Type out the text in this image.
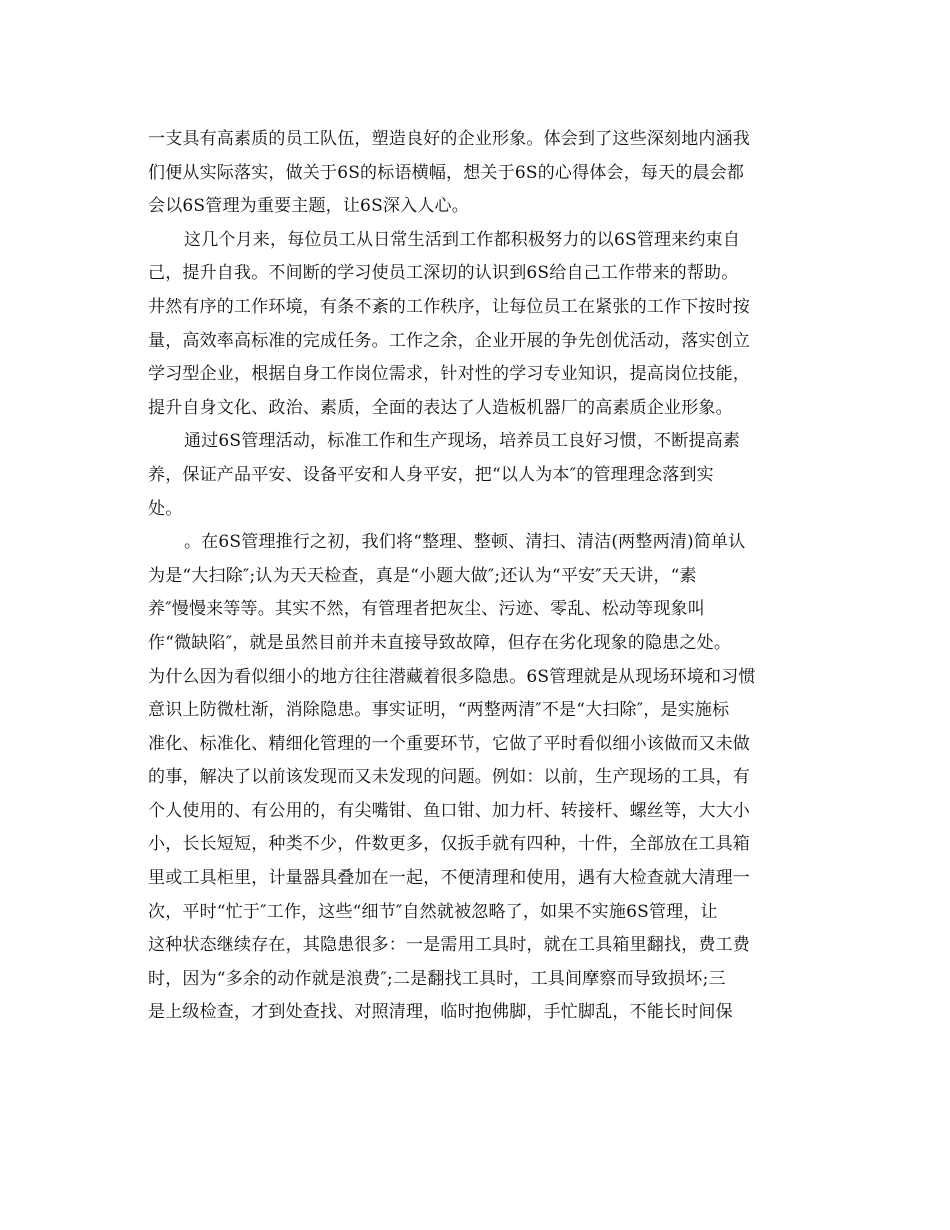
一支具有高素质的员工队伍，塑造良好的企业形象。体会到了这些深刻地内涵我
们便从实际落实，做关于6S的标语横幅，想关于6S的心得体会，每天的晨会都
会以6S管理为重要主题，让6S深入人心。
这几个月来，每位员工从日常生活到工作都积极努力的以6S管理来约束自
己，提升自我。不间断的学习使员工深切的认识到6S给自己工作带来的帮助。
井然有序的工作环境，有条不紊的工作秩序，让每位员工在紧张的工作下按时按
量，高效率高标准的完成任务。工作之余，企业开展的争先创优活动，落实创立
学习型企业，根据自身工作岗位需求，针对性的学习专业知识，提高岗位技能，
提升自身文化、政治、素质，全面的表达了人造板机器厂的高素质企业形象。
通过6S管理活动，标准工作和生产现场，培养员工良好习惯，不断提高素
养，保证产品平安、设备平安和人身平安，把“以人为本″的管理理念落到实
处。
。在6S管理推行之初，我们将“整理、整顿、清扫、清洁(两整两清)简单认
为是“大扫除″;认为天天检查，真是“小题大做″;还认为“平安″天天讲，“素
养″慢慢来等等。其实不然，有管理者把灰尘、污迹、零乱、松动等现象叫
作“微缺陷″，就是虽然目前并未直接导致故障，但存在劣化现象的隐患之处。
为什么因为看似细小的地方往往潜藏着很多隐患。6S管理就是从现场环境和习惯
意识上防微杜渐，消除隐患。事实证明，“两整两清″不是“大扫除″，是实施标
准化、标准化、精细化管理的一个重要环节，它做了平时看似细小该做而又未做
的事，解决了以前该发现而又未发现的问题。例如：以前，生产现场的工具，有
个人使用的、有公用的，有尖嘴钳、鱼口钳、加力杆、转接杆、螺丝等，大大小
小，长长短短，种类不少，件数更多，仅扳手就有四种，十件，全部放在工具箱
里或工具柜里，计量器具叠加在一起，不便清理和使用，遇有大检查就大清理一
次，平时“忙于″工作，这些“细节″自然就被忽略了，如果不实施6S管理，让
这种状态继续存在，其隐患很多：一是需用工具时，就在工具箱里翻找，费工费
时，因为“多余的动作就是浪费″;二是翻找工具时，工具间摩察而导致损坏;三
是上级检查，才到处查找、对照清理，临时抱佛脚，手忙脚乱，不能长时间保
